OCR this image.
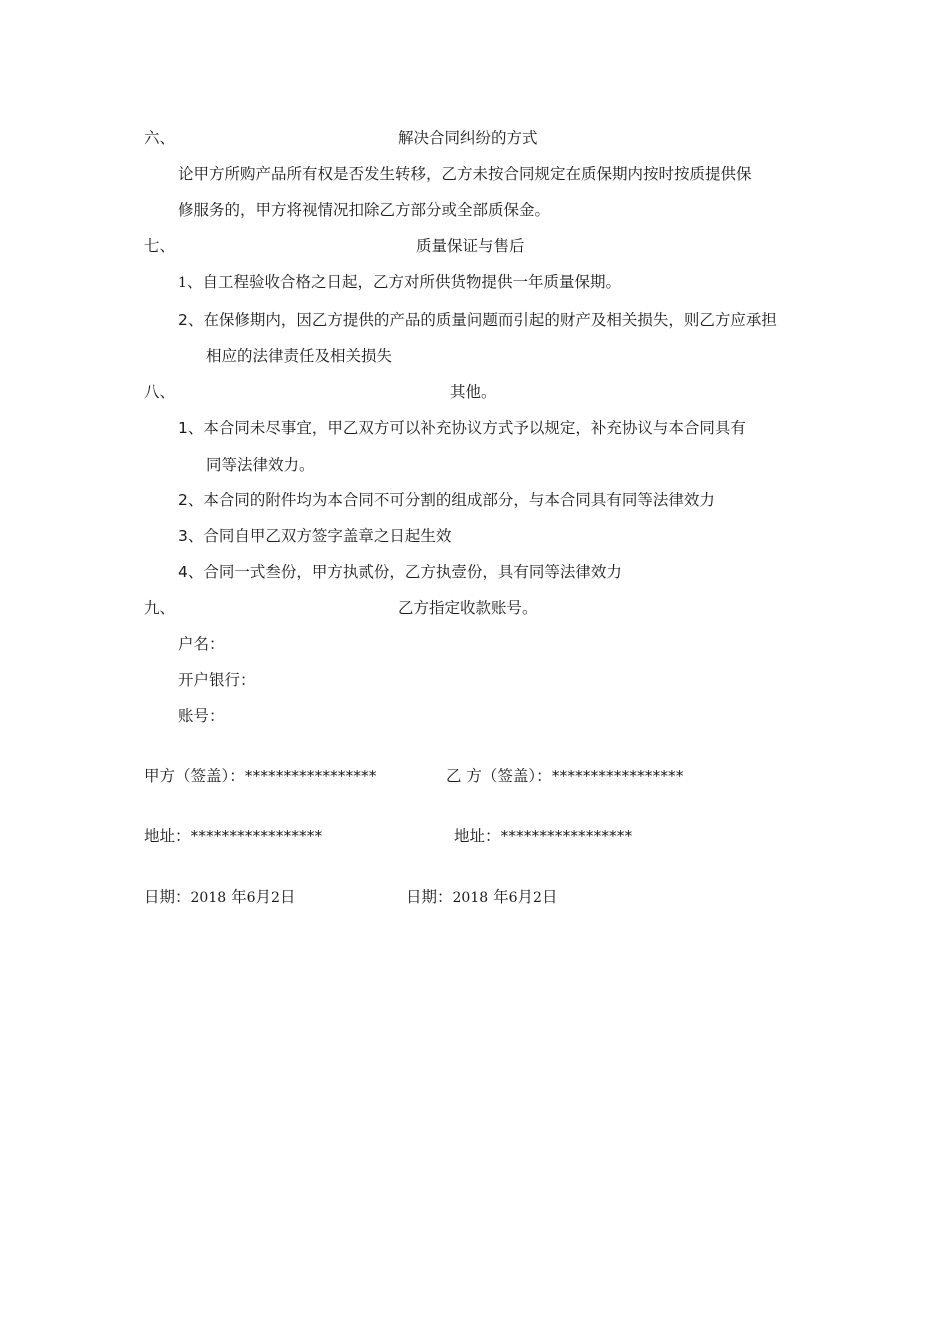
六、	解决合同纠纷的方式
论甲方所购产品所有权是否发生转移，乙方未按合同规定在质保期内按时按质提供保
修服务的，甲方将视情况扣除乙方部分或全部质保金。
七、	质量保证与售后
1、自工程验收合格之日起，乙方对所供货物提供一年质量保期。
2、在保修期内，因乙方提供的产品的质量问题而引起的财产及相关损失，则乙方应承担
相应的法律责任及相关损失
八、	其他。
1、本合同未尽事宜，甲乙双方可以补充协议方式予以规定，补充协议与本合同具有
同等法律效力。
2、本合同的附件均为本合同不可分割的组成部分，与本合同具有同等法律效力
3、合同自甲乙双方签字盖章之日起生效
4、合同一式叁份，甲方执贰份，乙方执壹份，具有同等法律效力
九、	乙方指定收款账号。
户名：
开户银行：
账号：
甲方（签盖）：*****************	乙 方（签盖）：*****************
地址：*****************	地址：*****************
日期：2018 年6月2日	日期：2018 年6月2日
